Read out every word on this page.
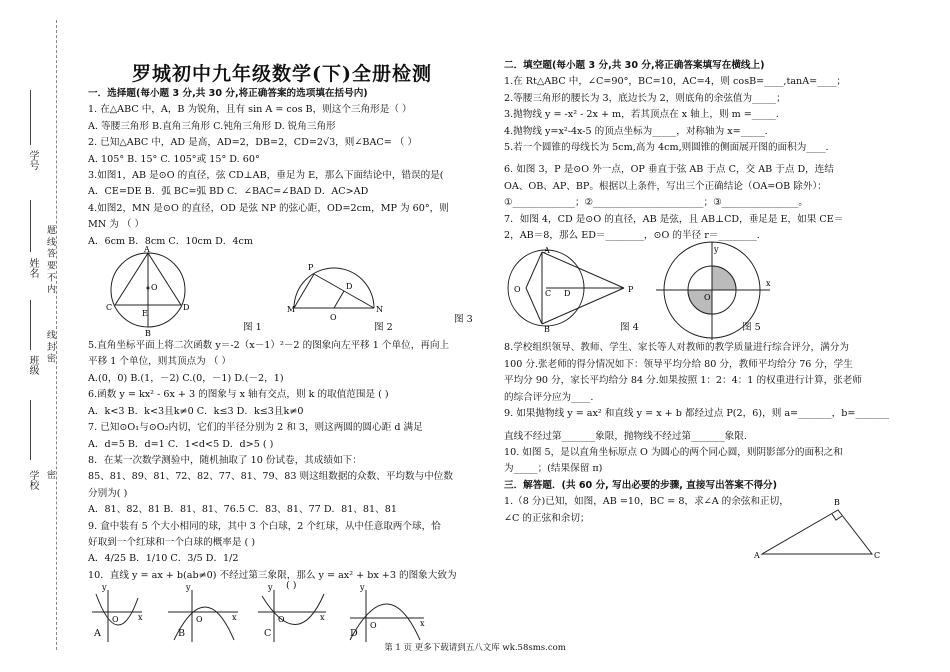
学校
班级
姓名
学号
题 线 答 要 不 内
线 封 密
密
罗城初中九年级数学(下)全册检测
一．选择题(每小题 3 分,共 30 分,将正确答案的选项填在括号内)
1. 在△ABC 中，A，B 为锐角，且有 sin A = cos B，则这个三角形是（ ）
A. 等腰三角形 B.直角三角形 C.钝角三角形 D. 锐角三角形
2. 已知△ABC 中，AD 是高，AD=2，DB=2，CD=2√3，则∠BAC= （ ）
A. 105° B. 15° C. 105°或 15° D. 60°
3.如图1，AB 是⊙O 的直径，弦 CD⊥AB，垂足为 E，那么下面结论中，错误的是(
A．CE=DE B．弧 BC=弧 BD C．∠BAC=∠BAD D．AC>AD
4.如图2，MN 是⊙O 的直径，OD 是弦 NP 的弦心距，OD=2cm，MP 为 60°，则
MN 为 （ ）
A．6cm B．8cm C．10cm D．4cm
A
O
E
B
C	D	M	N
P
D
O
图 1	图 2
图 3
5.直角坐标平面上将二次函数 y＝-2（x－1）²－2 的图象向左平移 1 个单位，再向上
平移 1 个单位，则其顶点为 （ ）
A.(0，0) B.(1，－2) C.(0，－1) D.(－2，1)
6.函数 y = kx² - 6x + 3 的图象与 x 轴有交点，则 k 的取值范围是 ( )
A．k<3 B．k<3且k≠0 C．k≤3 D．k≤3且k≠0
7. 已知⊙O₁与⊙O₂内切，它们的半径分别为 2 和 3，则这两圆的圆心距 d 满足
A．d=5 B．d=1 C．1<d<5 D．d>5 ( )
8．在某一次数学测验中，随机抽取了 10 份试卷，其成绩如下：
85、81、89、81、72、82、77、81、79、83 则这组数据的众数、平均数与中位数
分别为( )
A．81、82、81 B．81、81、76.5 C．83、81、77 D．81、81、81
9. 盒中装有 5 个大小相同的球，其中 3 个白球，2 个红球，从中任意取两个球，恰
好取到一个红球和一个白球的概率是 ( )
A．4/25 B．1/10 C．3/5 D．1/2
10．直线 y = ax + b(ab≠0) 不经过第三象限，那么 y = ax² + bx +3 的图象大致为
y
O x
y
O	x
y
O	x
y
O	x
A	B	C	D
( )
二．填空题(每小题 3 分,共 30 分,将正确答案填写在横线上)
1.在 Rt△ABC 中，∠C=90°，BC=10，AC=4，则 cosB=____,tanA=____；
2.等腰三角形的腰长为 3，底边长为 2，则底角的余弦值为_____；
3.抛物线 y = -x² - 2x + m，若其顶点在 x 轴上，则 m =_____.
4.抛物线 y=x²-4x-5 的顶点坐标为_____，对称轴为 x=_____.
5.若一个圆锥的母线长为 5cm,高为 4cm,则圆锥的侧面展开图的面积为____.
6. 如图 3，P 是⊙O 外一点，OP 垂直于弦 AB 于点 C，交 AB 于点 D，连结
OA、OB、AP、BP。根据以上条件，写出三个正确结论（OA=OB 除外）：
①_____________；②_______________________；③________________。
7．如图 4，CD 是⊙O 的直径，AB 是弦，且 AB⊥CD，垂足是 E，如果 CE＝
2，AB＝8，那么 ED＝________，⊙O 的半径 r＝________.
A
O	C D
B
P
y
x
O
图 4	图 5
8.学校组织领导、教师、学生、家长等人对教师的教学质量进行综合评分，满分为
100 分.张老师的得分情况如下：领导平均分给 80 分，教师平均给分 76 分，学生
平均分 90 分，家长平均给分 84 分.如果按照 1：2：4：1 的权重进行计算，张老师
的综合评分应为____.
9. 如果抛物线 y = ax² 和直线 y = x + b 都经过点 P(2，6)，则 a=_______，b=_______
直线不经过第_______象限，抛物线不经过第_______象限.
10. 如图 5，是以直角坐标原点 O 为圆心的两个同心圆，则阴影部分的面积之和
为_____；(结果保留 π)
三．解答题．(共 60 分, 写出必要的步骤, 直接写出答案不得分)
1.（8 分)已知，如图，AB =10，BC = 8，求∠A 的余弦和正切，
∠C 的正弦和余切；
A
B
C
第 1 页 更多下载请到五八文库 wk.58sms.com
